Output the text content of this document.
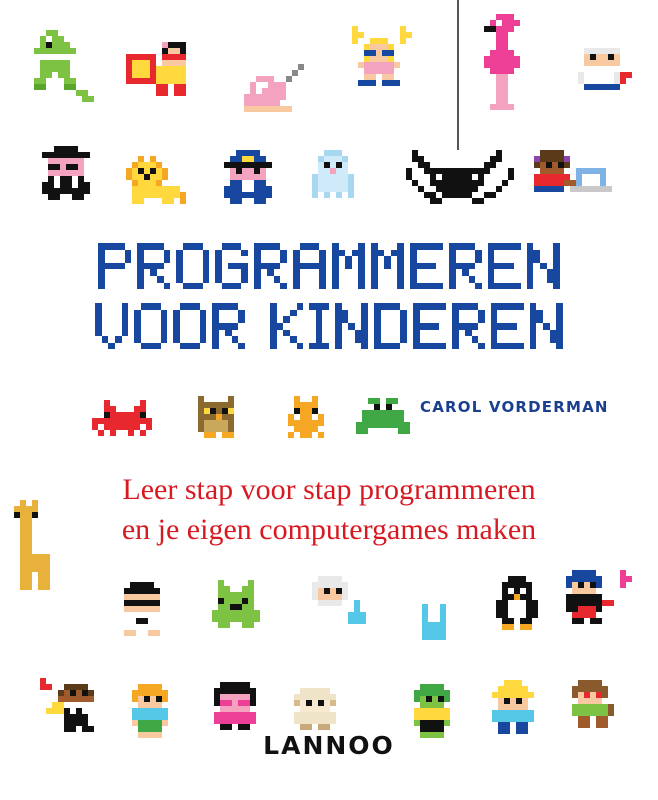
CAROL VORDERMAN
Leer stap voor stap programmeren
en je eigen computergames maken
LANNOO
